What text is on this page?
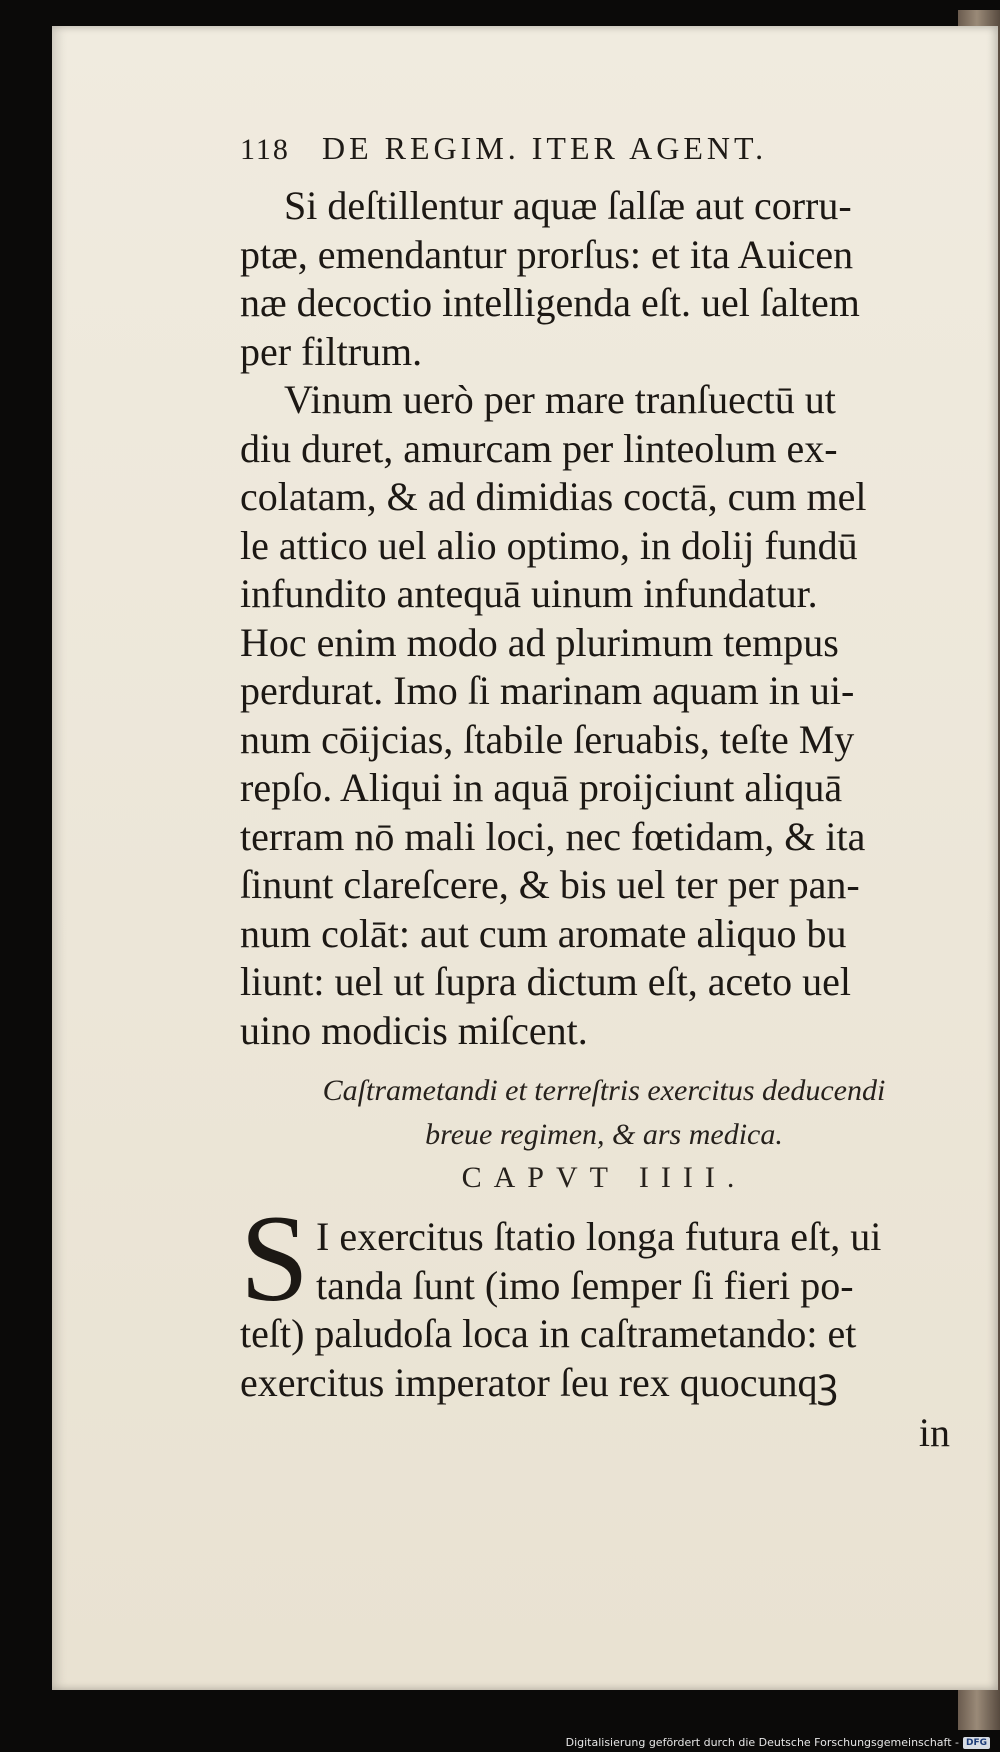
118	DE REGIM. ITER AGENT.

Si deſtillentur aquæ ſalſæ aut corru-
ptæ, emendantur prorſus: et ita Auicen
næ decoctio intelligenda eſt. uel ſaltem
per filtrum.

Vinum uerò per mare tranſuectū ut
diu duret, amurcam per linteolum ex-
colatam, & ad dimidias coctā, cum mel
le attico uel alio optimo, in dolij fundū
infundito antequā uinum infundatur.
Hoc enim modo ad plurimum tempus
perdurat. Imo ſi marinam aquam in ui-
num cōijcias, ſtabile ſeruabis, teſte My
repſo. Aliqui in aquā proijciunt aliquā
terram nō mali loci, nec fœtidam, & ita
ſinunt clareſcere, & bis uel ter per pan-
num colāt: aut cum aromate aliquo bu
liunt: uel ut ſupra dictum eſt, aceto uel
uino modicis miſcent.

Caſtrametandi et terreſtris exercitus deducendi
breue regimen, & ars medica.
CAPVT IIII.
S I exercitus ſtatio longa futura eſt, ui
tanda ſunt (imo ſemper ſi fieri po-
teſt) paludoſa loca in caſtrametando: et
exercitus imperator ſeu rex quocunqꝫ
in
Digitalisierung gefördert durch die Deutsche Forschungsgemeinschaft - DFG
